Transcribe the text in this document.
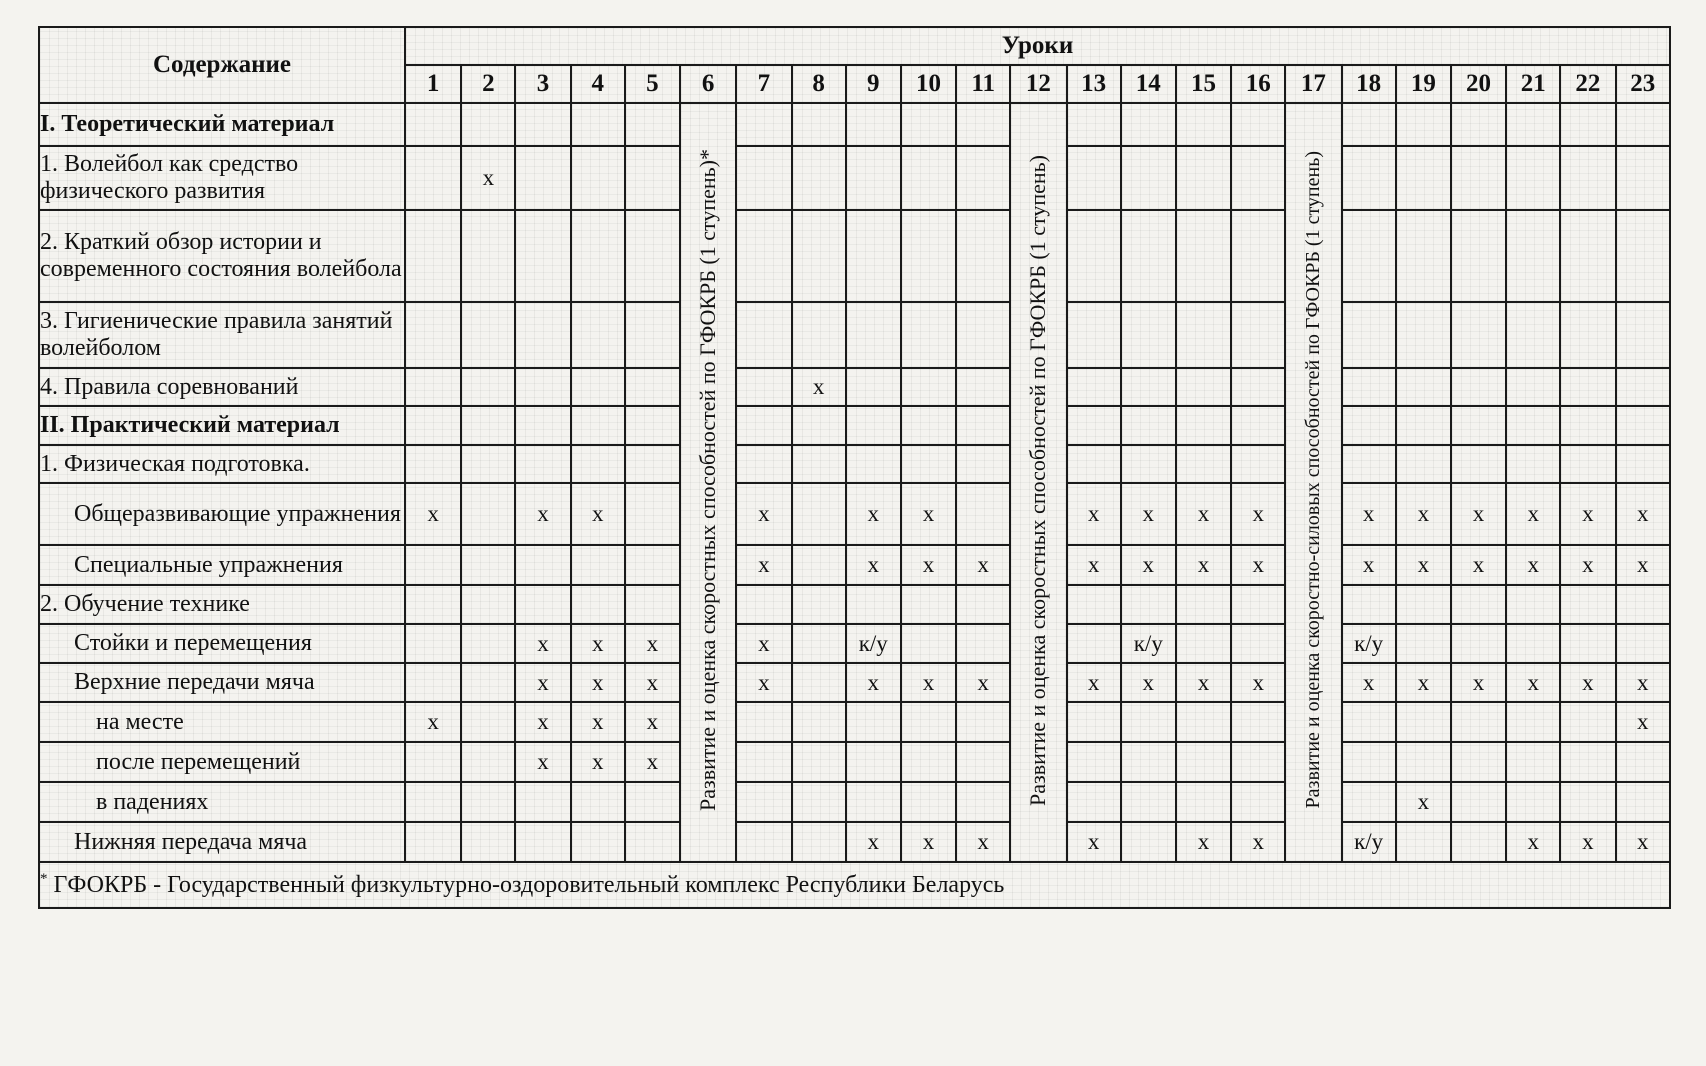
Содержание	Уроки																						
	1	2	3	4	5	6	7	8	9	10	11	12	13	14	15	16	17	18	19	20	21	22	23
I. Теоретический материал						Развитие и оценка скоростных способностей по ГФОКРБ (1 ступень)*						Развитие и оценка скоростных способностей по ГФОКРБ (1 ступень)					Развитие и оценка скоростно-силовых способностей по ГФОКРБ (1 ступень)						
1. Волейбол как средство физического развития		х																					
2. Краткий обзор истории и современного состояния волейбола																							
3. Гигиенические правила занятий волейболом																							
4. Правила соревнований								х															
II. Практический материал																							
1. Физическая подготовка.																							
Общеразвивающие упражнения	х		х	х			х		х	х			х	х	х	х		х	х	х	х	х	х
Специальные упражнения							х		х	х	х		х	х	х	х		х	х	х	х	х	х
2. Обучение технике																							
Стойки и перемещения			х	х	х		х		к/у					к/у				к/у					
Верхние передачи мяча			х	х	х		х		х	х	х		х	х	х	х		х	х	х	х	х	х
на месте	х		х	х	х																		х
после перемещений			х	х	х																		
в падениях																			х				
Нижняя передача мяча									х	х	х		х		х	х		к/у			х	х	х
* ГФОКРБ - Государственный физкультурно-оздоровительный комплекс Республики Беларусь																							
